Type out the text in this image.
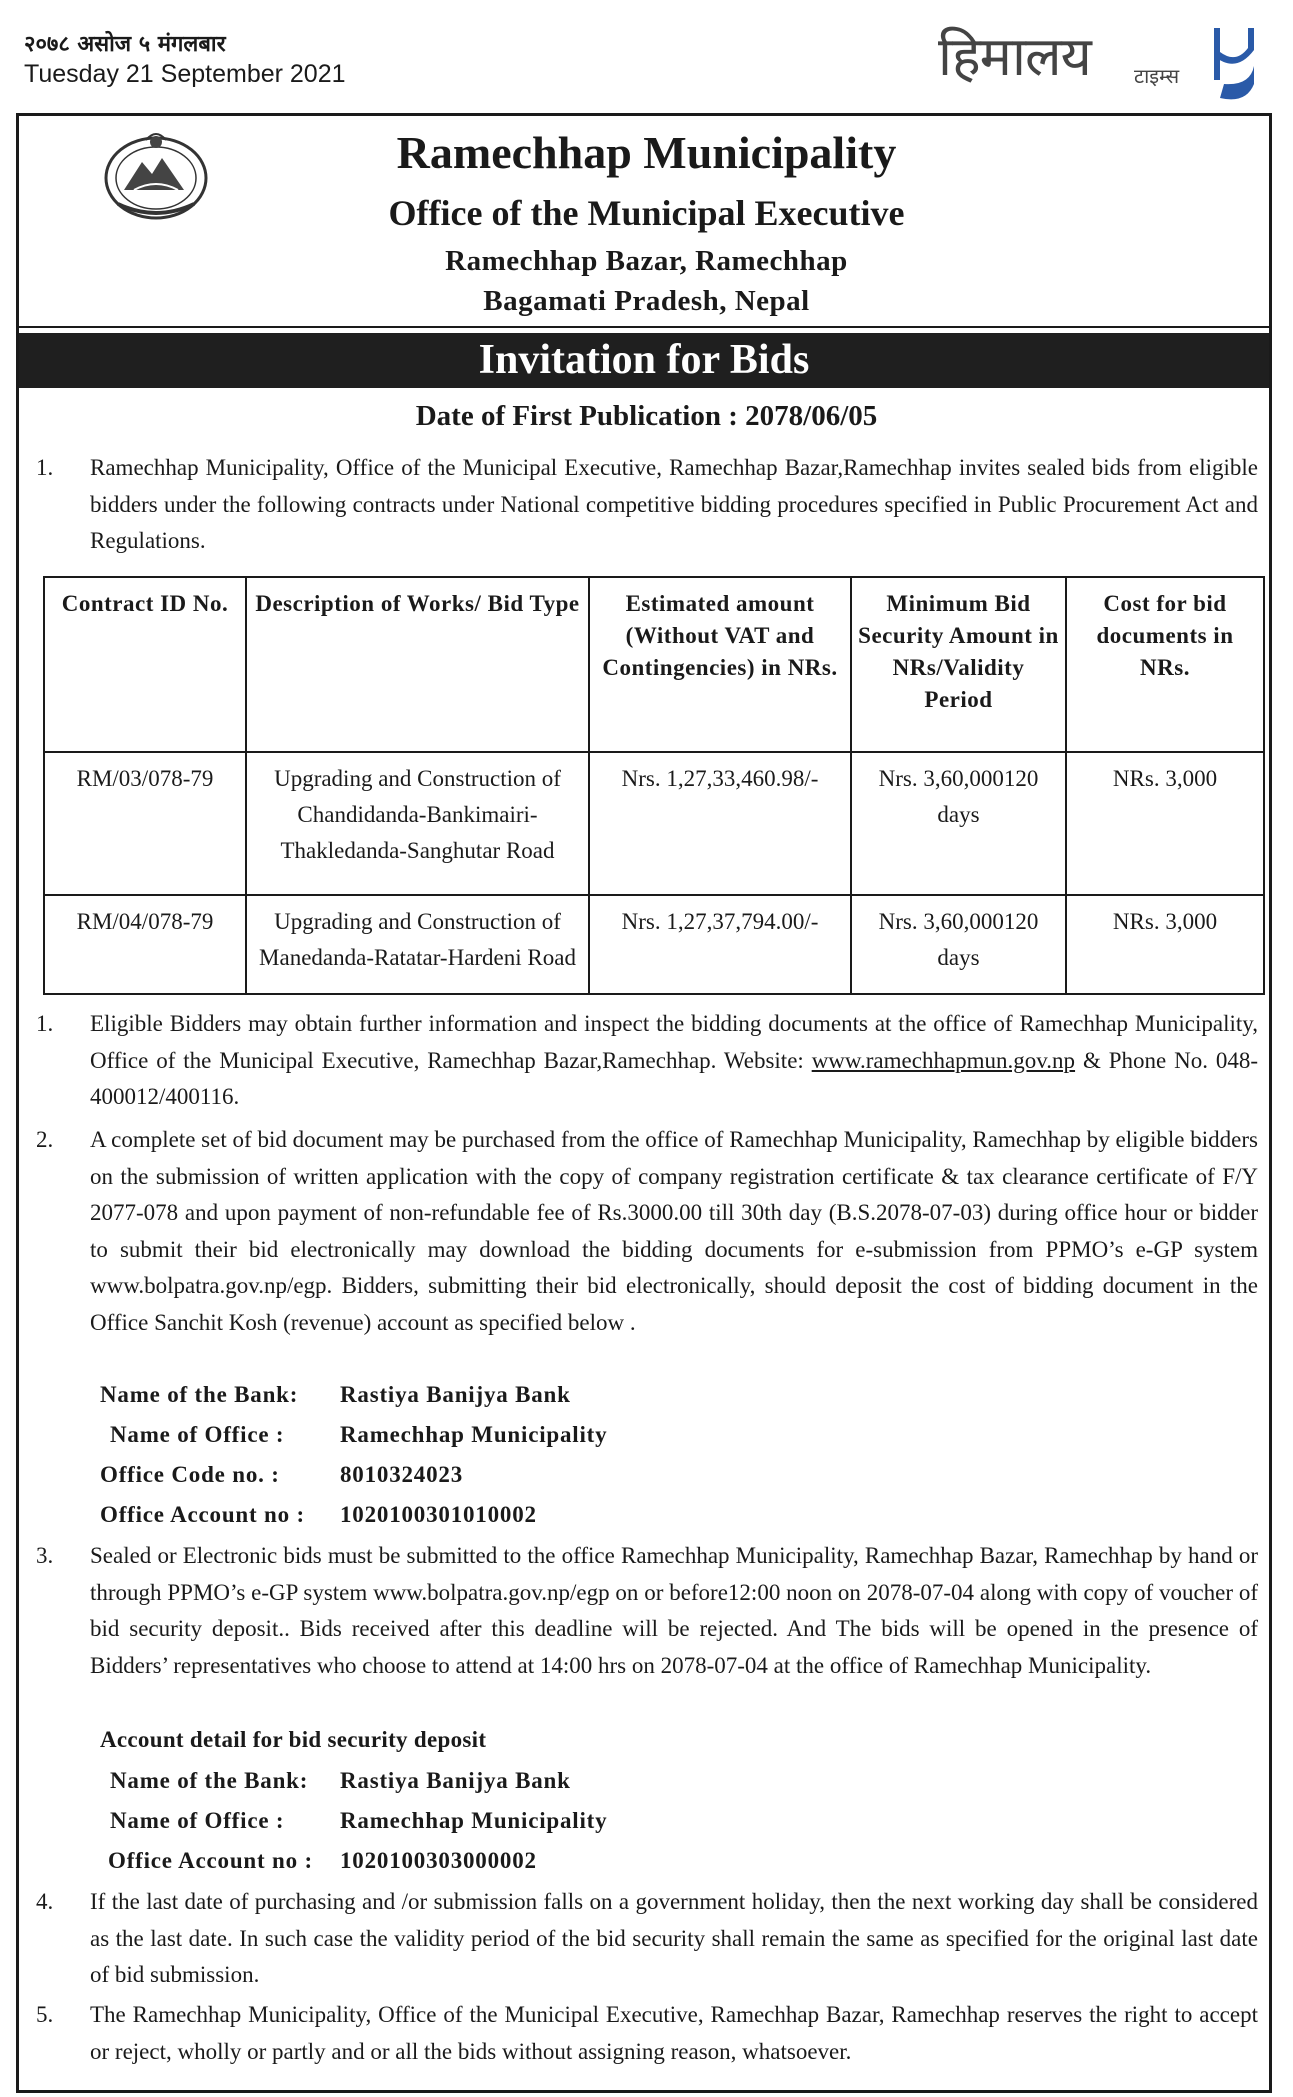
२०७८ असोज ५ मंगलबार
Tuesday 21 September 2021	हिमालय टाइम्स
Ramechhap Municipality
Office of the Municipal Executive
Ramechhap Bazar, Ramechhap
Bagamati Pradesh, Nepal
Invitation for Bids
Date of First Publication : 2078/06/05
1. Ramechhap Municipality, Office of the Municipal Executive, Ramechhap Bazar,Ramechhap invites sealed bids from eligible bidders under the following contracts under National competitive bidding procedures specified in Public Procurement Act and Regulations.
Contract ID No.	Description of Works/ Bid Type	Estimated amount (Without VAT and Contingencies) in NRs.	Minimum Bid Security Amount in NRs/Validity Period	Cost for bid documents in NRs.
RM/03/078-79	Upgrading and Construction of Chandidanda-Bankimairi-Thakledanda-Sanghutar Road	Nrs. 1,27,33,460.98/-	Nrs. 3,60,000120 days	NRs. 3,000
RM/04/078-79	Upgrading and Construction of Manedanda-Ratatar-Hardeni Road	Nrs. 1,27,37,794.00/-	Nrs. 3,60,000120 days	NRs. 3,000
1. Eligible Bidders may obtain further information and inspect the bidding documents at the office of Ramechhap Municipality, Office of the Municipal Executive, Ramechhap Bazar,Ramechhap. Website: www.ramechhapmun.gov.np & Phone No. 048-400012/400116.
2. A complete set of bid document may be purchased from the office of Ramechhap Municipality, Ramechhap by eligible bidders on the submission of written application with the copy of company registration certificate & tax clearance certificate of F/Y 2077-078 and upon payment of non-refundable fee of Rs.3000.00 till 30th day (B.S.2078-07-03) during office hour or bidder to submit their bid electronically may download the bidding documents for e-submission from PPMO’s e-GP system www.bolpatra.gov.np/egp. Bidders, submitting their bid electronically, should deposit the cost of bidding document in the Office Sanchit Kosh (revenue) account as specified below .
Name of the Bank: Rastiya Banijya Bank
Name of Office : Ramechhap Municipality
Office Code no. :	8010324023
Office Account no : 1020100301010002
3. Sealed or Electronic bids must be submitted to the office Ramechhap Municipality, Ramechhap Bazar, Ramechhap by hand or through PPMO’s e-GP system www.bolpatra.gov.np/egp on or before12:00 noon on 2078-07-04 along with copy of voucher of bid security deposit.. Bids received after this deadline will be rejected. And The bids will be opened in the presence of Bidders’ representatives who choose to attend at 14:00 hrs on 2078-07-04 at the office of Ramechhap Municipality.
Account detail for bid security deposit
Name of the Bank: Rastiya Banijya Bank
Name of Office : Ramechhap Municipality
Office Account no : 1020100303000002
4. If the last date of purchasing and /or submission falls on a government holiday, then the next working day shall be considered as the last date. In such case the validity period of the bid security shall remain the same as specified for the original last date of bid submission.
5. The Ramechhap Municipality, Office of the Municipal Executive, Ramechhap Bazar, Ramechhap reserves the right to accept or reject, wholly or partly and or all the bids without assigning reason, whatsoever.
